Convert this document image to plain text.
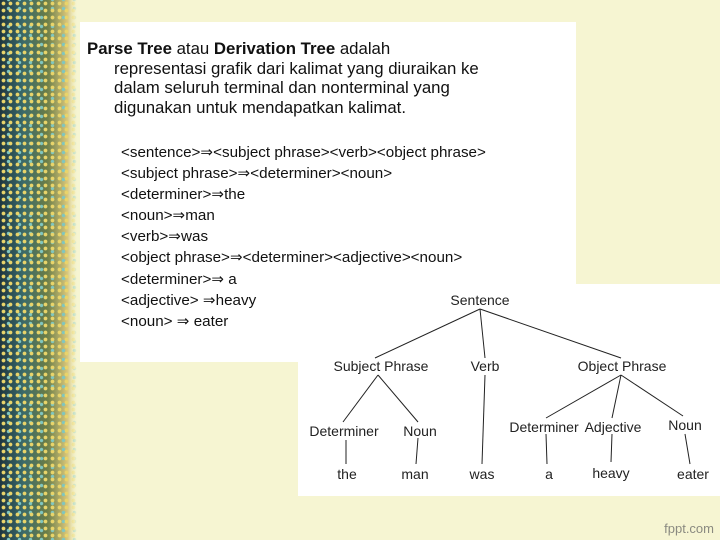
Parse Tree atau Derivation Tree adalah
representasi grafik dari kalimat yang diuraikan ke
dalam seluruh terminal dan nonterminal yang
digunakan untuk mendapatkan kalimat.
<sentence>⇒<subject phrase><verb><object phrase>
<subject phrase>⇒<determiner><noun>
<determiner>⇒the
<noun>⇒man
<verb>⇒was
<object phrase>⇒<determiner><adjective><noun>
<determiner>⇒ a
<adjective> ⇒heavy
<noun> ⇒ eater
Sentence
Subject Phrase	Verb	Object Phrase
Determiner Noun	Determiner Adjective Noun
the	man	was	a	heavy	eater
fppt.com
